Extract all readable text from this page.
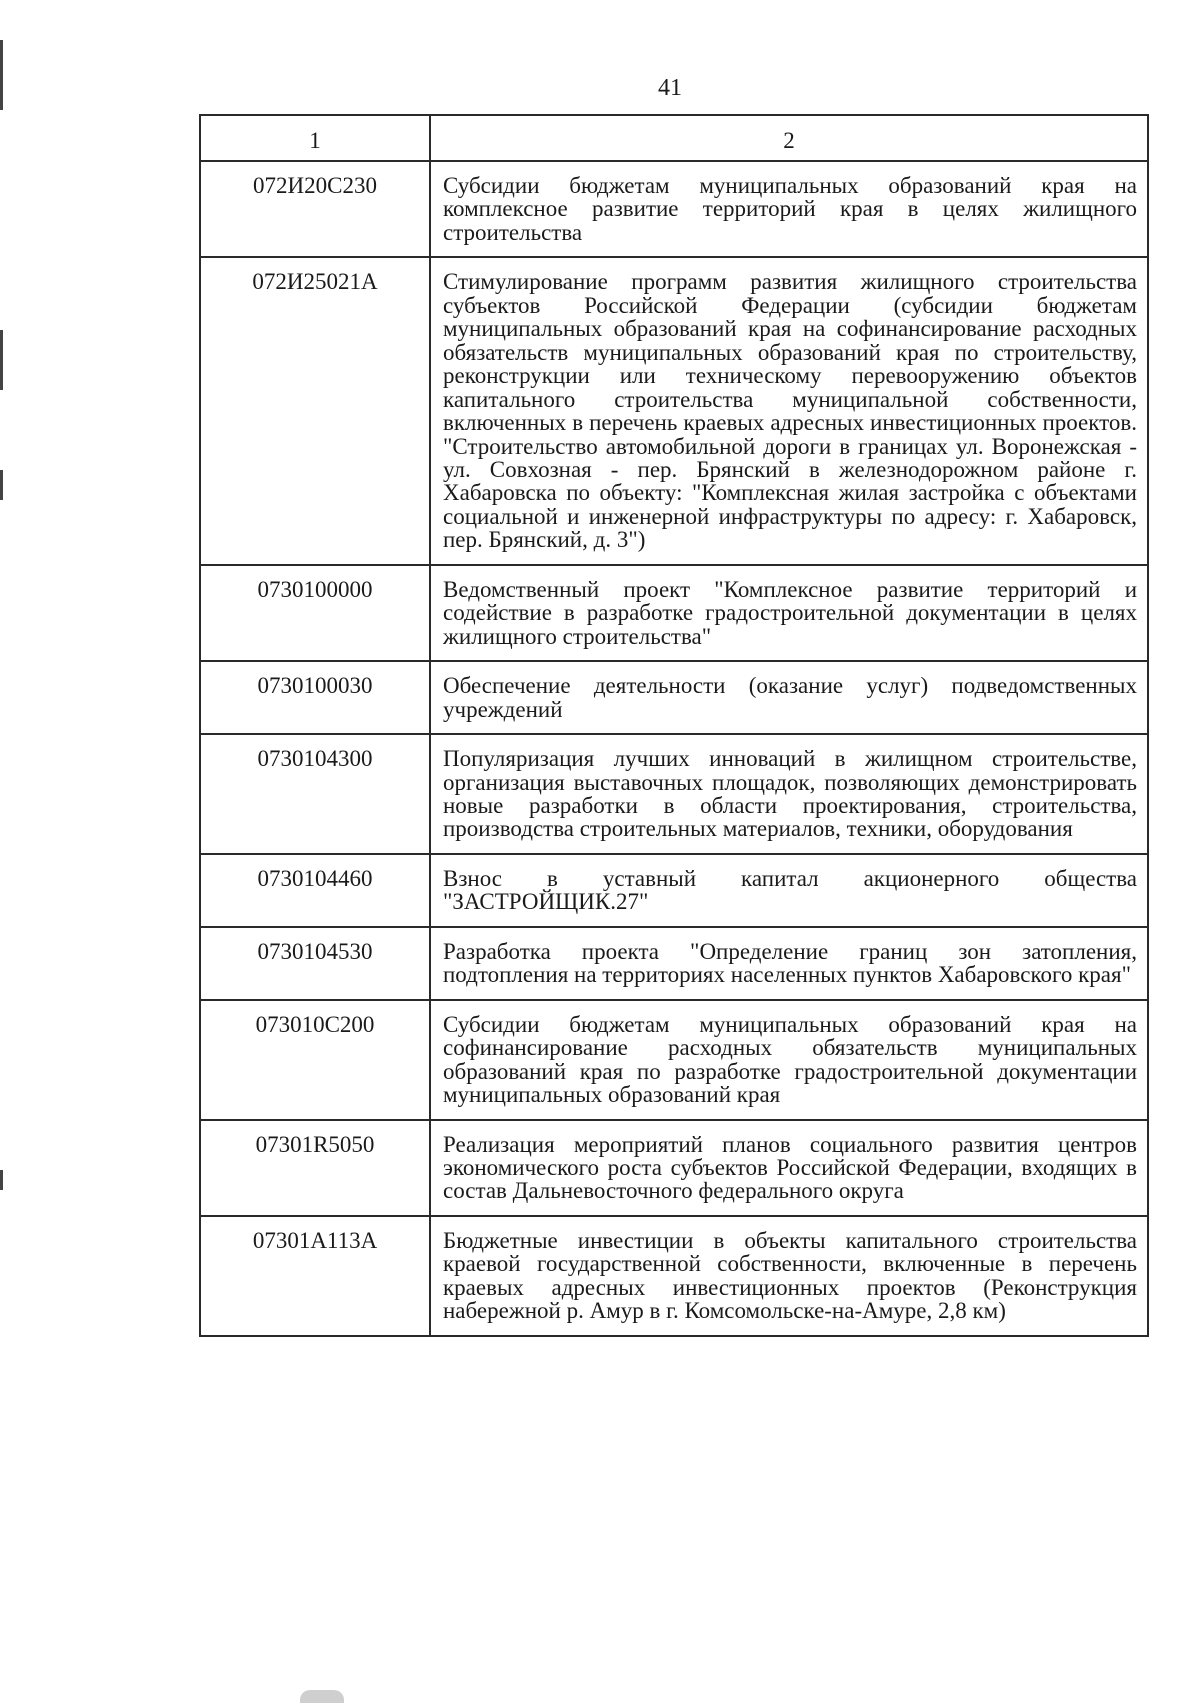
41
1	2
072И20С230	Субсидии бюджетам муниципальных образований края на комплексное развитие территорий края в целях жилищного строительства
072И25021А	Стимулирование программ развития жилищного строительства субъектов Российской Федерации (субсидии бюджетам муниципальных образований края на софинансирование расходных обязательств муниципальных образований края по строительству, реконструкции или техническому перевооружению объектов капитального строительства муниципальной собственности, включенных в перечень краевых адресных инвестиционных проектов. "Строительство автомобильной дороги в границах ул. Воронежская - ул. Совхозная - пер. Брянский в железнодорожном районе г. Хабаровска по объекту: "Комплексная жилая застройка с объектами социальной и инженерной инфраструктуры по адресу: г. Хабаровск, пер. Брянский, д. 3")
0730100000	Ведомственный проект "Комплексное развитие территорий и содействие в разработке градостроительной документации в целях жилищного строительства"
0730100030	Обеспечение деятельности (оказание услуг) подведомственных учреждений
0730104300	Популяризация лучших инноваций в жилищном строительстве, организация выставочных площадок, позволяющих демонстрировать новые разработки в области проектирования, строительства, производства строительных материалов, техники, оборудования
0730104460	Взнос в уставный капитал акционерного общества "ЗАСТРОЙЩИК.27"
0730104530	Разработка проекта "Определение границ зон затопления, подтопления на территориях населенных пунктов Хабаровского края"
073010С200	Субсидии бюджетам муниципальных образований края на софинансирование расходных обязательств муниципальных образований края по разработке градостроительной документации муниципальных образований края
07301R5050	Реализация мероприятий планов социального развития центров экономического роста субъектов Российской Федерации, входящих в состав Дальневосточного федерального округа
07301А113А	Бюджетные инвестиции в объекты капитального строительства краевой государственной собственности, включенные в перечень краевых адресных инвестиционных проектов (Реконструкция набережной р. Амур в г. Комсомольске-на-Амуре, 2,8 км)
